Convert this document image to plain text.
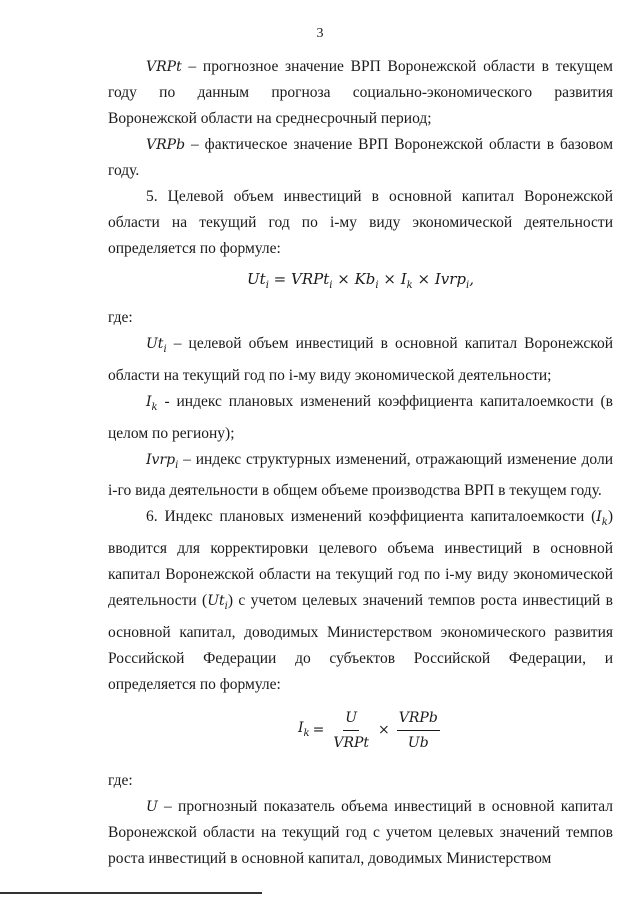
3

VRPt – прогнозное значение ВРП Воронежской области в текущем году по данным прогноза социально-экономического развития Воронежской области на среднесрочный период;

VRPb – фактическое значение ВРП Воронежской области в базовом году.

5. Целевой объем инвестиций в основной капитал Воронежской области на текущий год по i-му виду экономической деятельности определяется по формуле:

$Ut_i$ = VRPt$_i$ × $Kb_i \times I_k$ × Ivrp$_i$,

где:

$Ut_i$ – целевой объем инвестиций в основной капитал Воронежской области на текущий год по i-му виду экономической деятельности;

$I_k$ - индекс плановых изменений коэффициента капиталоемкости (в целом по региону);

Ivrp$_i$ – индекс структурных изменений, отражающий изменение доли i-го вида деятельности в общем объеме производства ВРП в текущем году.

6. Индекс плановых изменений коэффициента капиталоемкости $(I_k)$ вводится для корректировки целевого объема инвестиций в основной капитал Воронежской области на текущий год по i-му виду экономической деятельности $(Ut_i)$ с учетом целевых значений темпов роста инвестиций в основной капитал, доводимых Министерством экономического развития Российской Федерации до субъектов Российской Федерации, и определяется по формуле:

$I_k = \frac{U}{\text{VRPt}} \times \frac{\text{VRPb}}{Ub}$

где:

U – прогнозный показатель объема инвестиций в основной капитал Воронежской области на текущий год с учетом целевых значений темпов роста инвестиций в основной капитал, доводимых Министерством
